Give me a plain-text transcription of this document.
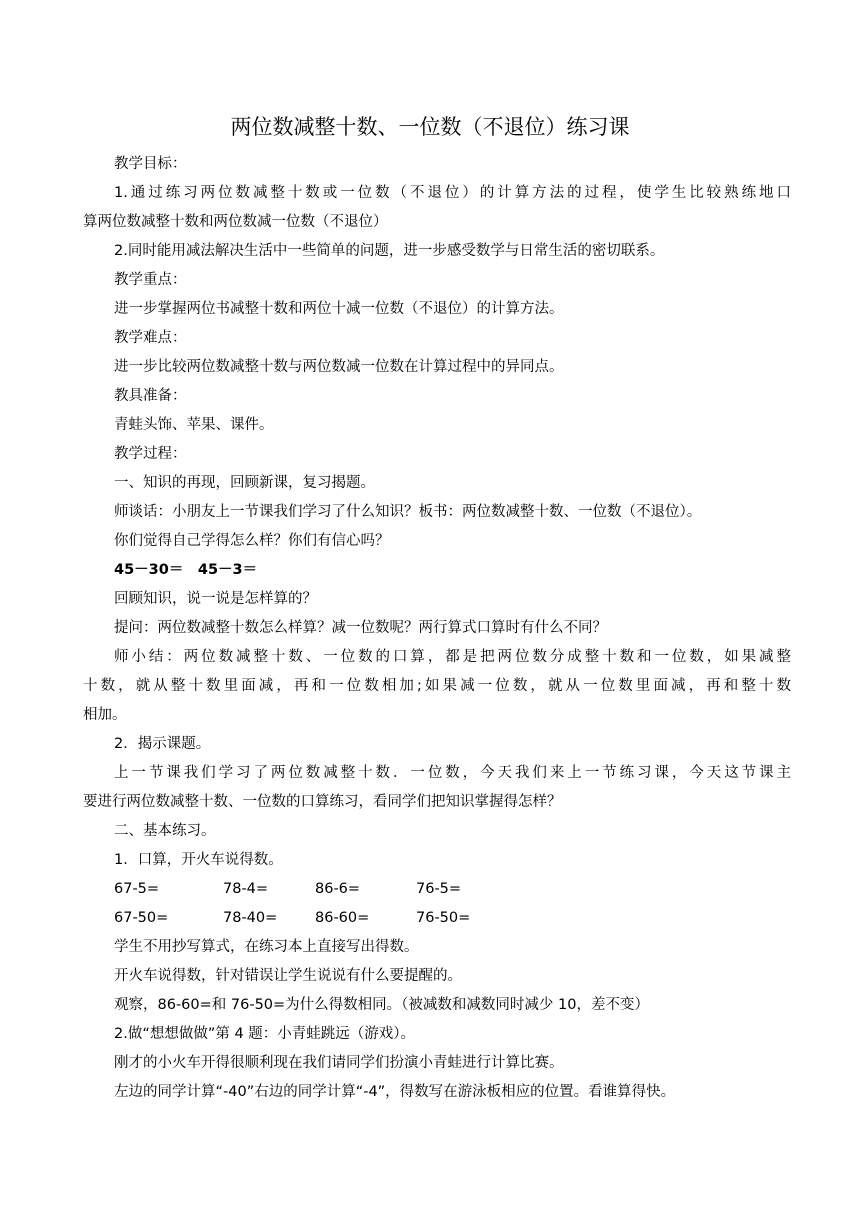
两位数减整十数、一位数（不退位）练习课
教学目标：
1.通过练习两位数减整十数或一位数（不退位）的计算方法的过程，使学生比较熟练地口
算两位数减整十数和两位数减一位数（不退位）
2.同时能用减法解决生活中一些简单的问题，进一步感受数学与日常生活的密切联系。
教学重点：
进一步掌握两位书减整十数和两位十减一位数（不退位）的计算方法。
教学难点：
进一步比较两位数减整十数与两位数减一位数在计算过程中的异同点。
教具准备：
青蛙头饰、苹果、课件。
教学过程：
一、知识的再现，回顾新课，复习揭题。
师谈话：小朋友上一节课我们学习了什么知识？板书：两位数减整十数、一位数（不退位）。
你们觉得自己学得怎么样？你们有信心吗？
45－30＝　45－3＝
回顾知识，说一说是怎样算的？
提问：两位数减整十数怎么样算？减一位数呢？两行算式口算时有什么不同？
师小结：两位数减整十数、一位数的口算，都是把两位数分成整十数和一位数，如果减整
十数，就从整十数里面减，再和一位数相加;如果减一位数，就从一位数里面减，再和整十数
相加。
2．揭示课题。
上一节课我们学习了两位数减整十数．一位数，今天我们来上一节练习课，今天这节课主
要进行两位数减整十数、一位数的口算练习，看同学们把知识掌握得怎样？
二、基本练习。
1．口算，开火车说得数。
67-5=	78-4=	86-6=	76-5=
67-50=	78-40=	86-60=	76-50=
学生不用抄写算式，在练习本上直接写出得数。
开火车说得数，针对错误让学生说说有什么要提醒的。
观察，86-60=和 76-50=为什么得数相同。（被减数和减数同时减少 10，差不变）
2.做“想想做做”第 4 题：小青蛙跳远（游戏）。
刚才的小火车开得很顺利现在我们请同学们扮演小青蛙进行计算比赛。
左边的同学计算“-40”右边的同学计算“-4”，得数写在游泳板相应的位置。看谁算得快。
